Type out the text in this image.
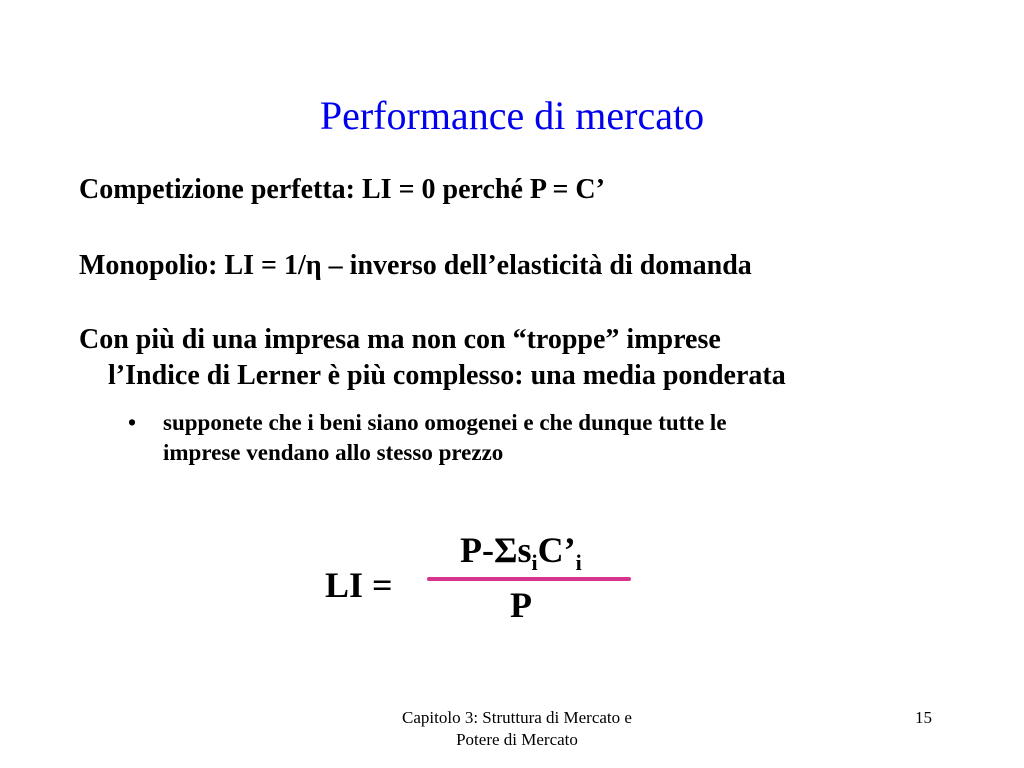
Performance di mercato
Competizione perfetta: LI = 0 perché P = C’
Monopolio: LI = 1/η – inverso dell’elasticità di domanda
Con più di una impresa ma non con “troppe” imprese
l’Indice di Lerner è più complesso: una media ponderata
• supponete che i beni siano omogenei e che dunque tutte le
imprese vendano allo stesso prezzo
LI =
$P-\Sigma s_iC’_i$
P
Capitolo 3: Struttura di Mercato e
Potere di Mercato
15
